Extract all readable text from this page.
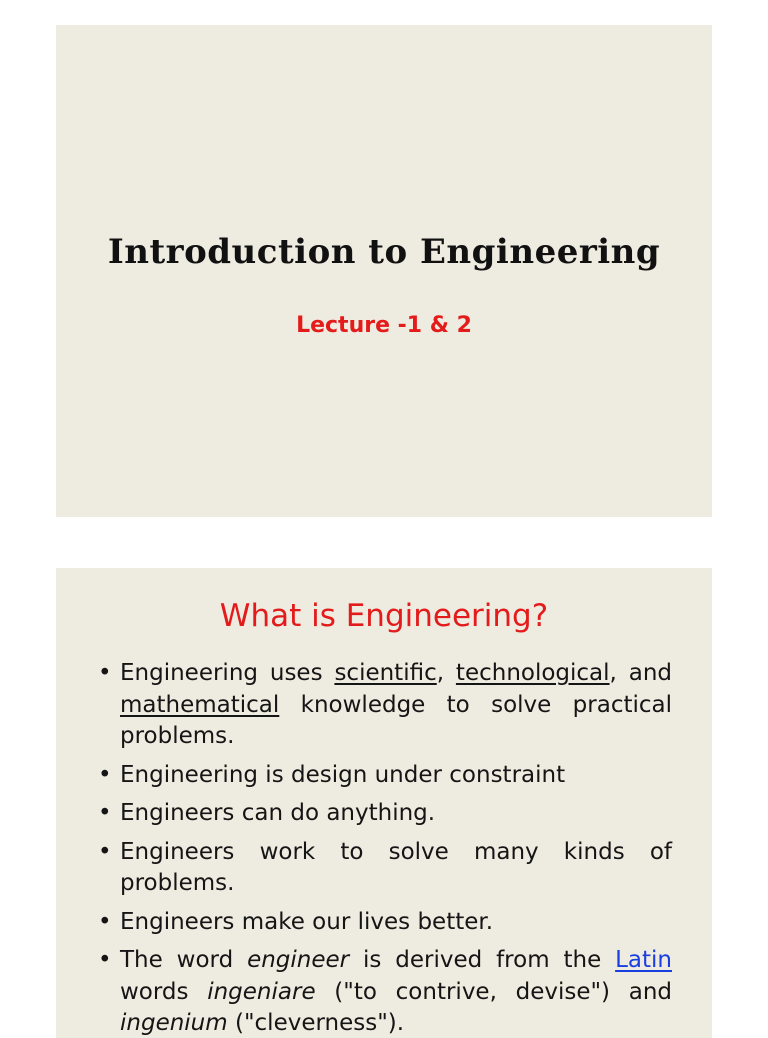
Introduction to Engineering
Lecture -1 & 2
What is Engineering?
• Engineering uses scientific, technological, and mathematical knowledge to solve practical problems.
• Engineering is design under constraint
• Engineers can do anything.
• Engineers work to solve many kinds of problems.
• Engineers make our lives better.
• The word engineer is derived from the Latin words ingeniare ("to contrive, devise") and ingenium ("cleverness").
